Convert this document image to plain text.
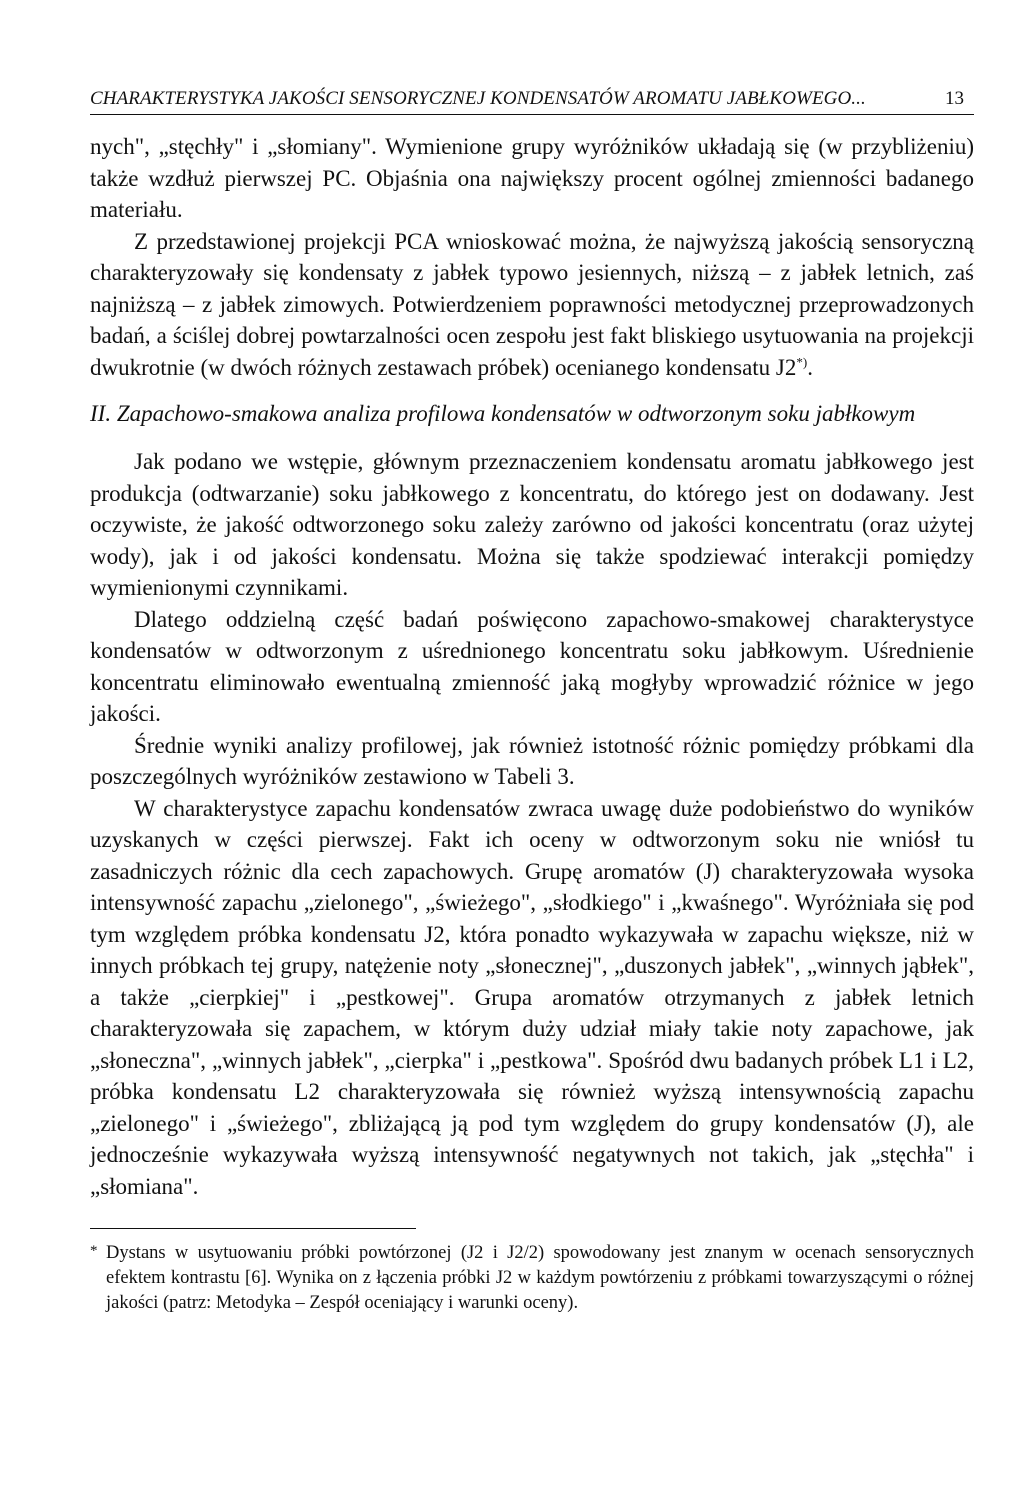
CHARAKTERYSTYKA JAKOŚCI SENSORYCZNEJ KONDENSATÓW AROMATU JABŁKOWEGO...	13

nych", „stęchły" i „słomiany". Wymienione grupy wyróżników układają się (w przybliżeniu) także wzdłuż pierwszej PC. Objaśnia ona największy procent ogólnej zmienności badanego materiału.

Z przedstawionej projekcji PCA wnioskować można, że najwyższą jakością sensoryczną charakteryzowały się kondensaty z jabłek typowo jesiennych, niższą – z jabłek letnich, zaś najniższą – z jabłek zimowych. Potwierdzeniem poprawności metodycznej przeprowadzonych badań, a ściślej dobrej powtarzalności ocen zespołu jest fakt bliskiego usytuowania na projekcji dwukrotnie (w dwóch różnych zestawach próbek) ocenianego kondensatu J2*).

II. Zapachowo-smakowa analiza profilowa kondensatów w odtworzonym soku jabłkowym

Jak podano we wstępie, głównym przeznaczeniem kondensatu aromatu jabłkowego jest produkcja (odtwarzanie) soku jabłkowego z koncentratu, do którego jest on dodawany. Jest oczywiste, że jakość odtworzonego soku zależy zarówno od jakości koncentratu (oraz użytej wody), jak i od jakości kondensatu. Można się także spodziewać interakcji pomiędzy wymienionymi czynnikami.

Dlatego oddzielną część badań poświęcono zapachowo-smakowej charakterystyce kondensatów w odtworzonym z uśrednionego koncentratu soku jabłkowym. Uśrednienie koncentratu eliminowało ewentualną zmienność jaką mogłyby wprowadzić różnice w jego jakości.

Średnie wyniki analizy profilowej, jak również istotność różnic pomiędzy próbkami dla poszczególnych wyróżników zestawiono w Tabeli 3.

W charakterystyce zapachu kondensatów zwraca uwagę duże podobieństwo do wyników uzyskanych w części pierwszej. Fakt ich oceny w odtworzonym soku nie wniósł tu zasadniczych różnic dla cech zapachowych. Grupę aromatów (J) charakteryzowała wysoka intensywność zapachu „zielonego", „świeżego", „słodkiego" i „kwaśnego". Wyróżniała się pod tym względem próbka kondensatu J2, która ponadto wykazywała w zapachu większe, niż w innych próbkach tej grupy, natężenie noty „słonecznej", „duszonych jabłek", „winnych jąbłek", a także „cierpkiej" i „pestkowej". Grupa aromatów otrzymanych z jabłek letnich charakteryzowała się zapachem, w którym duży udział miały takie noty zapachowe, jak „słoneczna", „winnych jabłek", „cierpka" i „pestkowa". Spośród dwu badanych próbek L1 i L2, próbka kondensatu L2 charakteryzowała się również wyższą intensywnością zapachu „zielonego" i „świeżego", zbliżającą ją pod tym względem do grupy kondensatów (J), ale jednocześnie wykazywała wyższą intensywność negatywnych not takich, jak „stęchła" i „słomiana".

* Dystans w usytuowaniu próbki powtórzonej (J2 i J2/2) spowodowany jest znanym w ocenach sensorycznych efektem kontrastu [6]. Wynika on z łączenia próbki J2 w każdym powtórzeniu z próbkami towarzyszącymi o różnej jakości (patrz: Metodyka – Zespół oceniający i warunki oceny).
